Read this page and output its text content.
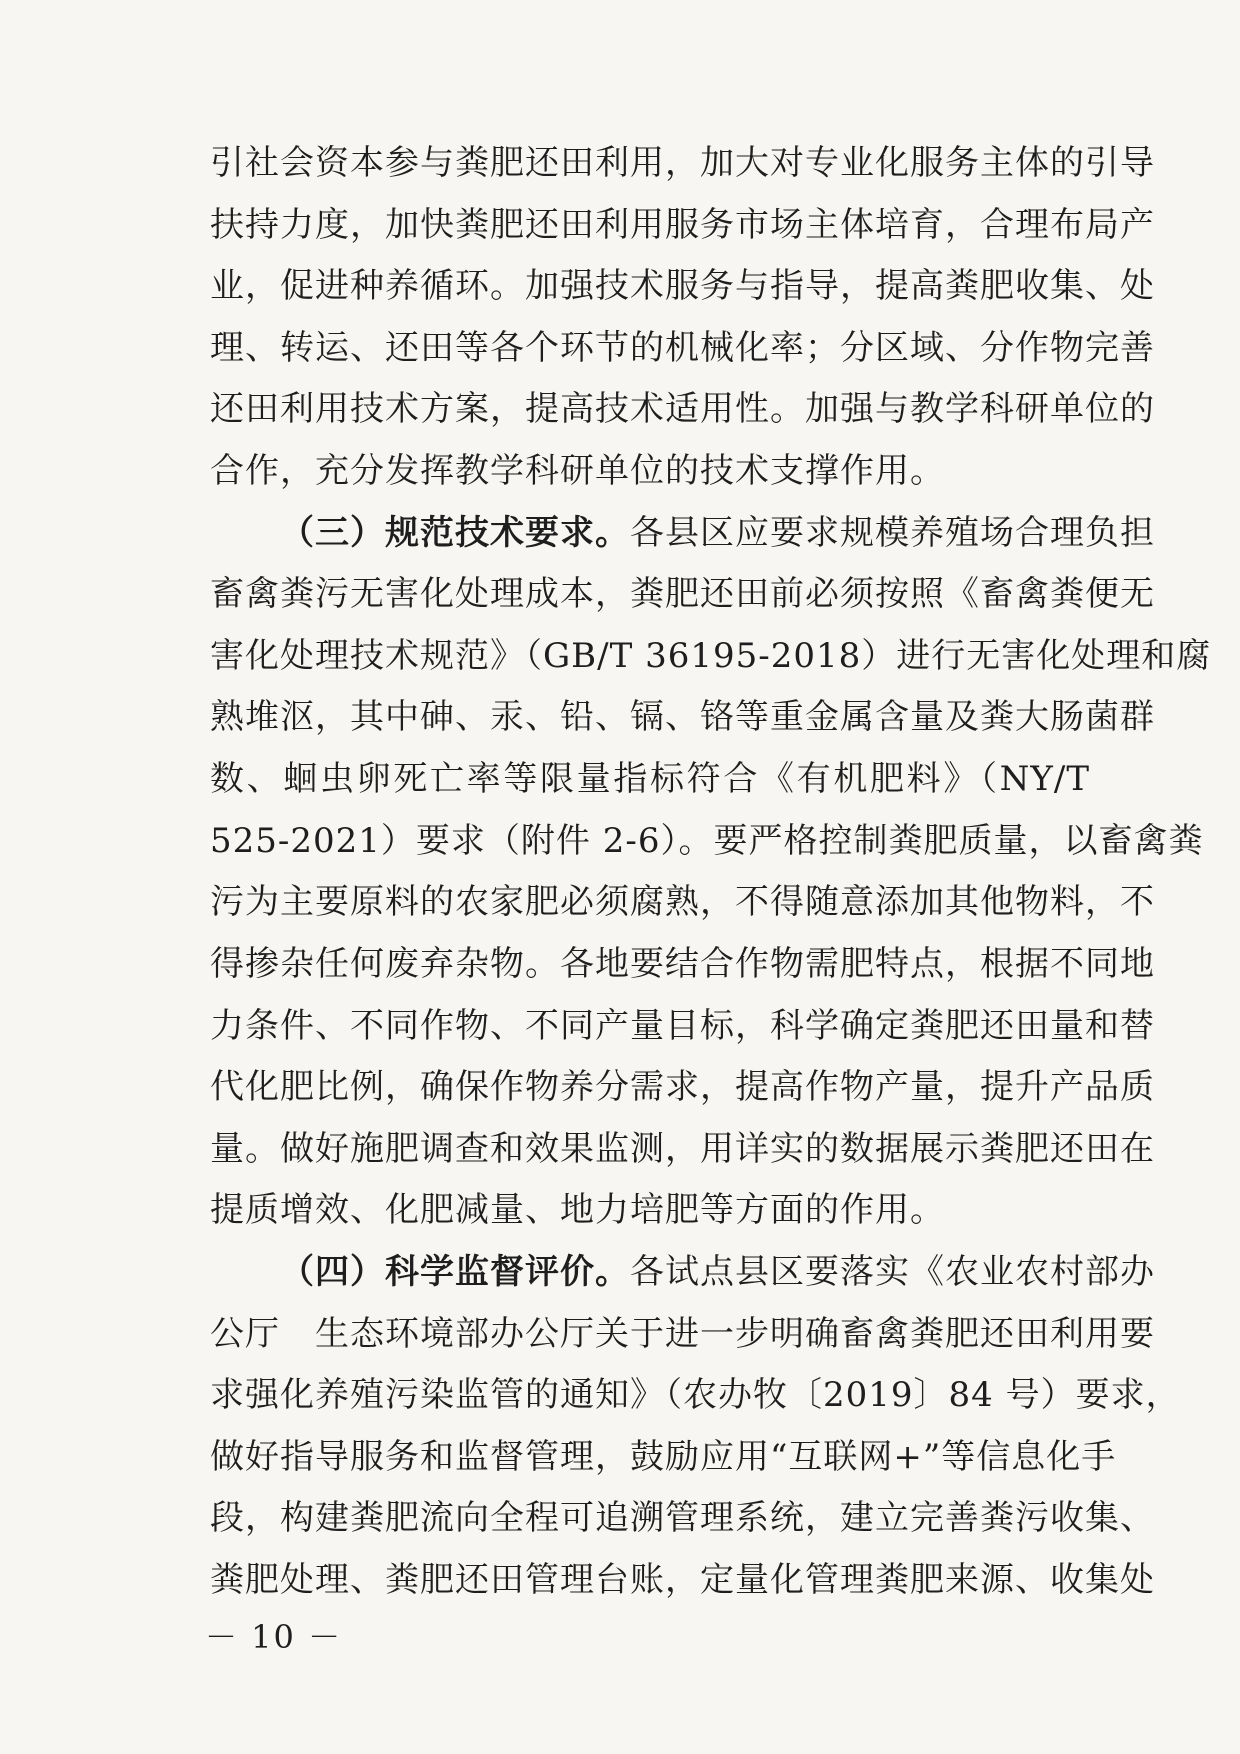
引社会资本参与粪肥还田利用，加大对专业化服务主体的引导
扶持力度，加快粪肥还田利用服务市场主体培育，合理布局产
业，促进种养循环。加强技术服务与指导，提高粪肥收集、处
理、转运、还田等各个环节的机械化率；分区域、分作物完善
还田利用技术方案，提高技术适用性。加强与教学科研单位的
合作，充分发挥教学科研单位的技术支撑作用。
（三）规范技术要求。各县区应要求规模养殖场合理负担
畜禽粪污无害化处理成本，粪肥还田前必须按照《畜禽粪便无
害化处理技术规范》（GB/T 36195-2018）进行无害化处理和腐
熟堆沤，其中砷、汞、铅、镉、铬等重金属含量及粪大肠菌群
数、蛔虫卵死亡率等限量指标符合《有机肥料》（NY/T
525-2021）要求（附件 2-6）。要严格控制粪肥质量，以畜禽粪
污为主要原料的农家肥必须腐熟，不得随意添加其他物料，不
得掺杂任何废弃杂物。各地要结合作物需肥特点，根据不同地
力条件、不同作物、不同产量目标，科学确定粪肥还田量和替
代化肥比例，确保作物养分需求，提高作物产量，提升产品质
量。做好施肥调查和效果监测，用详实的数据展示粪肥还田在
提质增效、化肥减量、地力培肥等方面的作用。
（四）科学监督评价。各试点县区要落实《农业农村部办
公厅　生态环境部办公厅关于进一步明确畜禽粪肥还田利用要
求强化养殖污染监管的通知》（农办牧〔2019〕84 号）要求，
做好指导服务和监督管理，鼓励应用“互联网+”等信息化手
段，构建粪肥流向全程可追溯管理系统，建立完善粪污收集、
粪肥处理、粪肥还田管理台账，定量化管理粪肥来源、收集处
－ 10 －
